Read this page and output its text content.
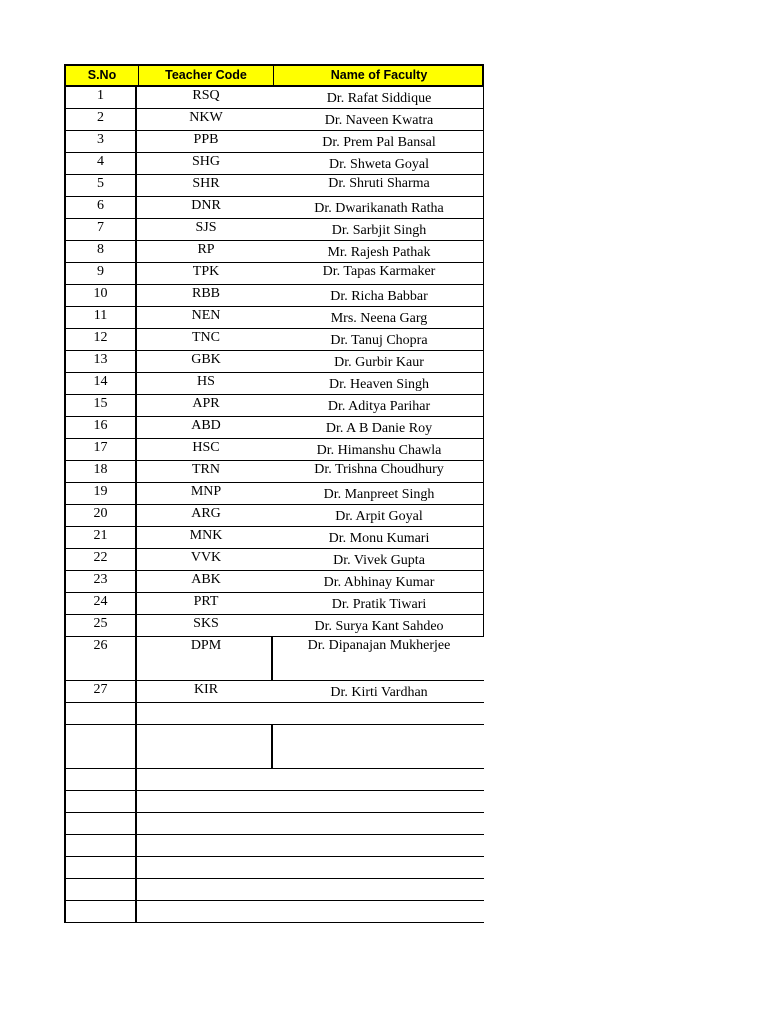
S.No	Teacher Code	Name of Faculty
1	RSQ	Dr. Rafat Siddique
2	NKW	Dr. Naveen Kwatra
3	PPB	Dr. Prem Pal Bansal
4	SHG	Dr. Shweta Goyal
5	SHR	Dr. Shruti Sharma
6	DNR	Dr. Dwarikanath Ratha
7	SJS	Dr. Sarbjit Singh
8	RP	Mr. Rajesh Pathak
9	TPK	Dr. Tapas Karmaker
10	RBB	Dr. Richa Babbar
11	NEN	Mrs. Neena Garg
12	TNC	Dr. Tanuj Chopra
13	GBK	Dr. Gurbir Kaur
14	HS	Dr. Heaven Singh
15	APR	Dr. Aditya Parihar
16	ABD	Dr. A B Danie Roy
17	HSC	Dr. Himanshu Chawla
18	TRN	Dr. Trishna Choudhury
19	MNP	Dr. Manpreet Singh
20	ARG	Dr. Arpit Goyal
21	MNK	Dr. Monu Kumari
22	VVK	Dr. Vivek Gupta
23	ABK	Dr. Abhinay Kumar
24	PRT	Dr. Pratik Tiwari
25	SKS	Dr. Surya Kant Sahdeo
26	DPM	Dr. Dipanajan Mukherjee
27	KIR	Dr. Kirti Vardhan
